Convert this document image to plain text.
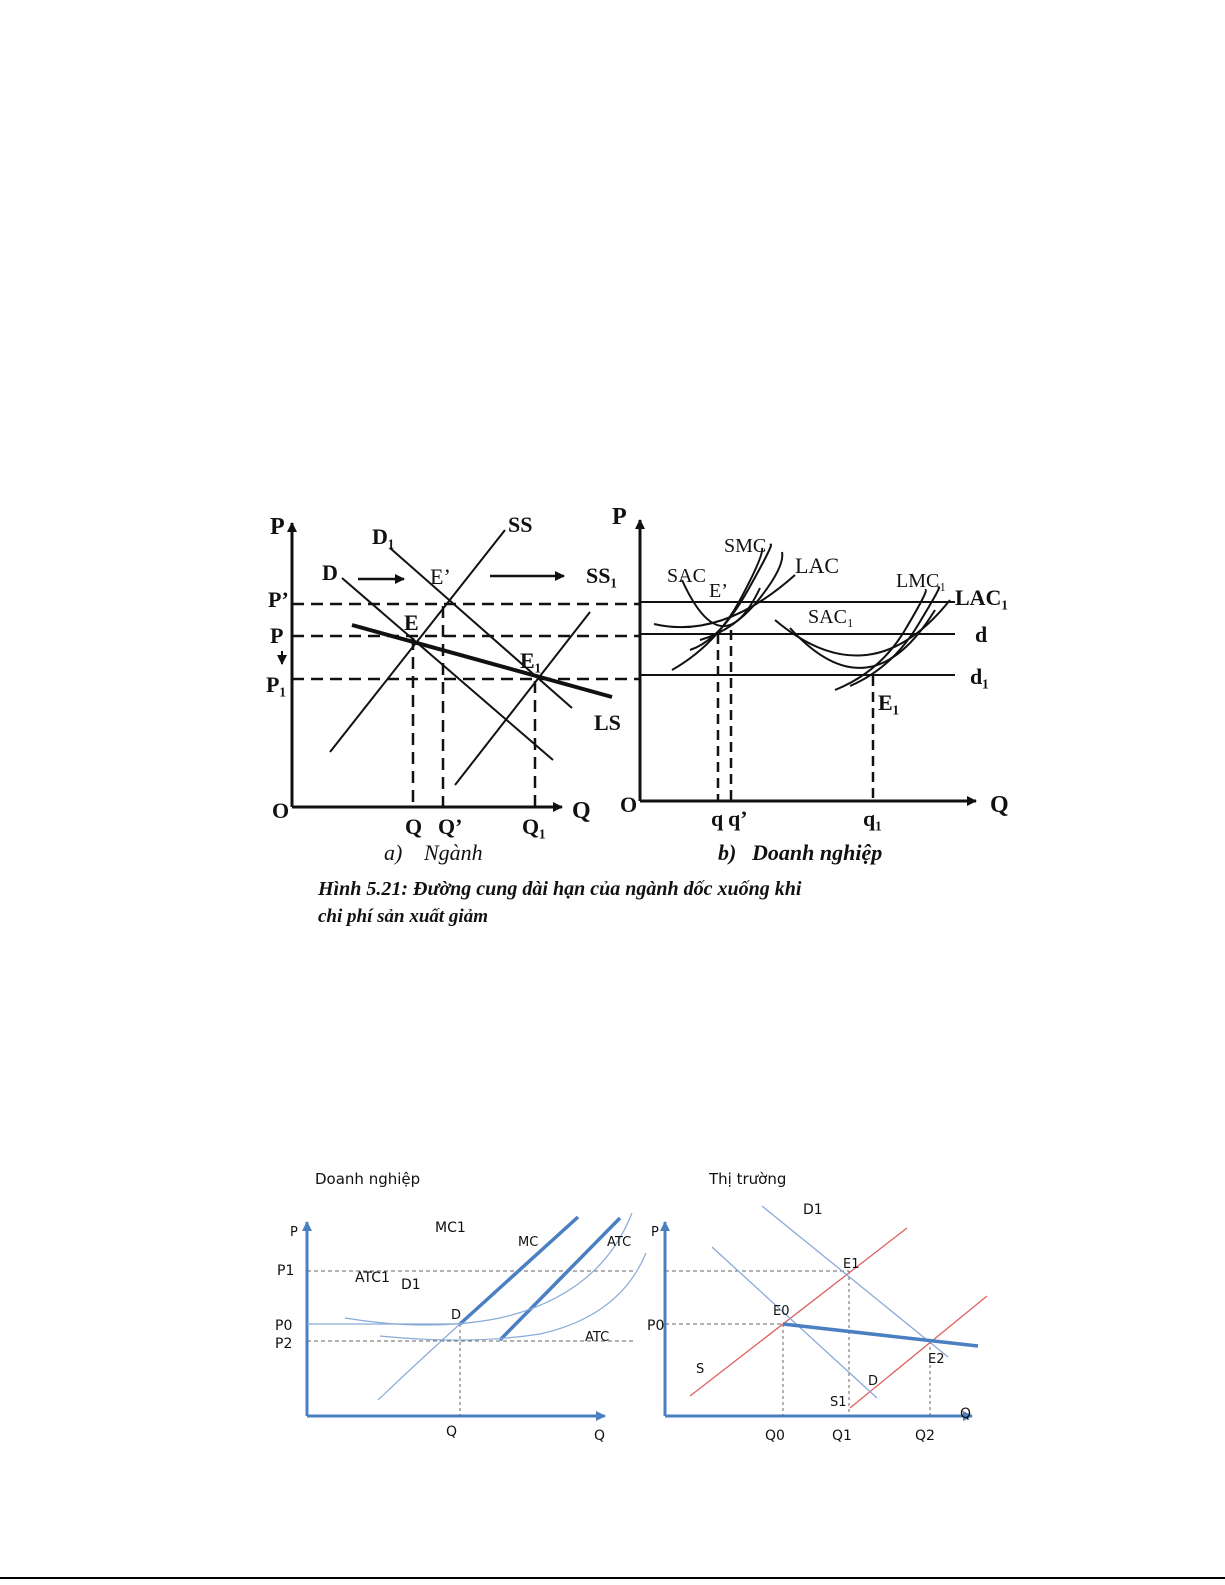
P
Q
O
P’
P
P₁
D₁
D
SS
SS₁
LS
E
E’
E₁
Q Q’	Q₁
a) Ngành
P
Q
O
SAC
SMC
LAC
LMC₁
LAC₁
SAC₁
d
d₁
E’
E₁
q q’	q₁
b) Doanh nghiệp
Doanh nghiệp
P
Q
P1
P0
P2
MC1
MC	ATC
ATC1 D1
ATC
D
Q
Thị trường
P
Q
P0
D1
S
S1
D
E0
E1
E2
Q0	Q1	Q2
Hình 5.21: Đường cung dài hạn của ngành dốc xuống khi
chi phí sản xuất giảm
